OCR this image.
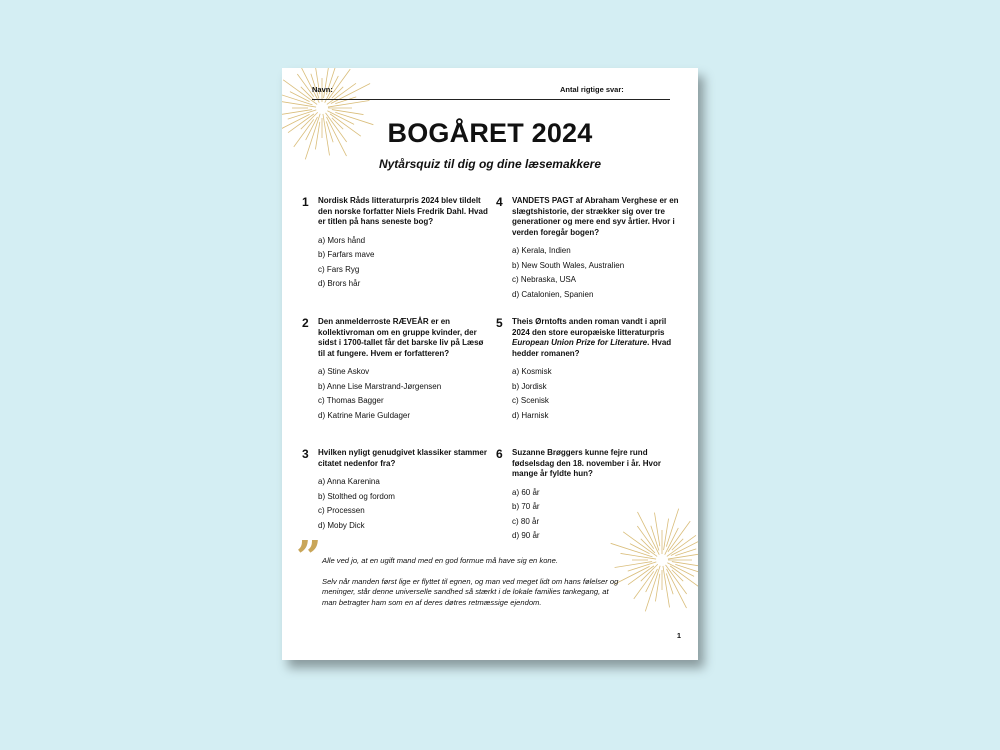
Navn:	Antal rigtige svar:
BOGÅRET 2024
Nytårsquiz til dig og dine læsemakkere
1 Nordisk Råds litteraturpris 2024 blev tildelt den norske forfatter Niels Fredrik Dahl. Hvad er titlen på hans seneste bog?
a) Mors hånd
b) Farfars mave
c) Fars Ryg
d) Brors hår
2 Den anmelderroste RÆVEÅR er en kollektivroman om en gruppe kvinder, der sidst i 1700-tallet får det barske liv på Læsø til at fungere. Hvem er forfatteren?
a) Stine Askov
b) Anne Lise Marstrand-Jørgensen
c) Thomas Bagger
d) Katrine Marie Guldager
3 Hvilken nyligt genudgivet klassiker stammer citatet nedenfor fra?
a) Anna Karenina
b) Stolthed og fordom
c) Processen
d) Moby Dick
4 VANDETS PAGT af Abraham Verghese er en slægtshistorie, der strækker sig over tre generationer og mere end syv årtier. Hvor i verden foregår bogen?
a) Kerala, Indien
b) New South Wales, Australien
c) Nebraska, USA
d) Catalonien, Spanien
5 Theis Ørntofts anden roman vandt i april 2024 den store europæiske litteraturpris European Union Prize for Literature. Hvad hedder romanen?
a) Kosmisk
b) Jordisk
c) Scenisk
d) Harnisk
6 Suzanne Brøggers kunne fejre rund fødselsdag den 18. november i år. Hvor mange år fyldte hun?
a) 60 år
b) 70 år
c) 80 år
d) 90 år
” Alle ved jo, at en ugift mand med en god formue må have sig en kone.

Selv når manden først lige er flyttet til egnen, og man ved meget lidt om hans følelser og meninger, står denne universelle sandhed så stærkt i de lokale families tankegang, at man betragter ham som en af deres døtres retmæssige ejendom.

1
